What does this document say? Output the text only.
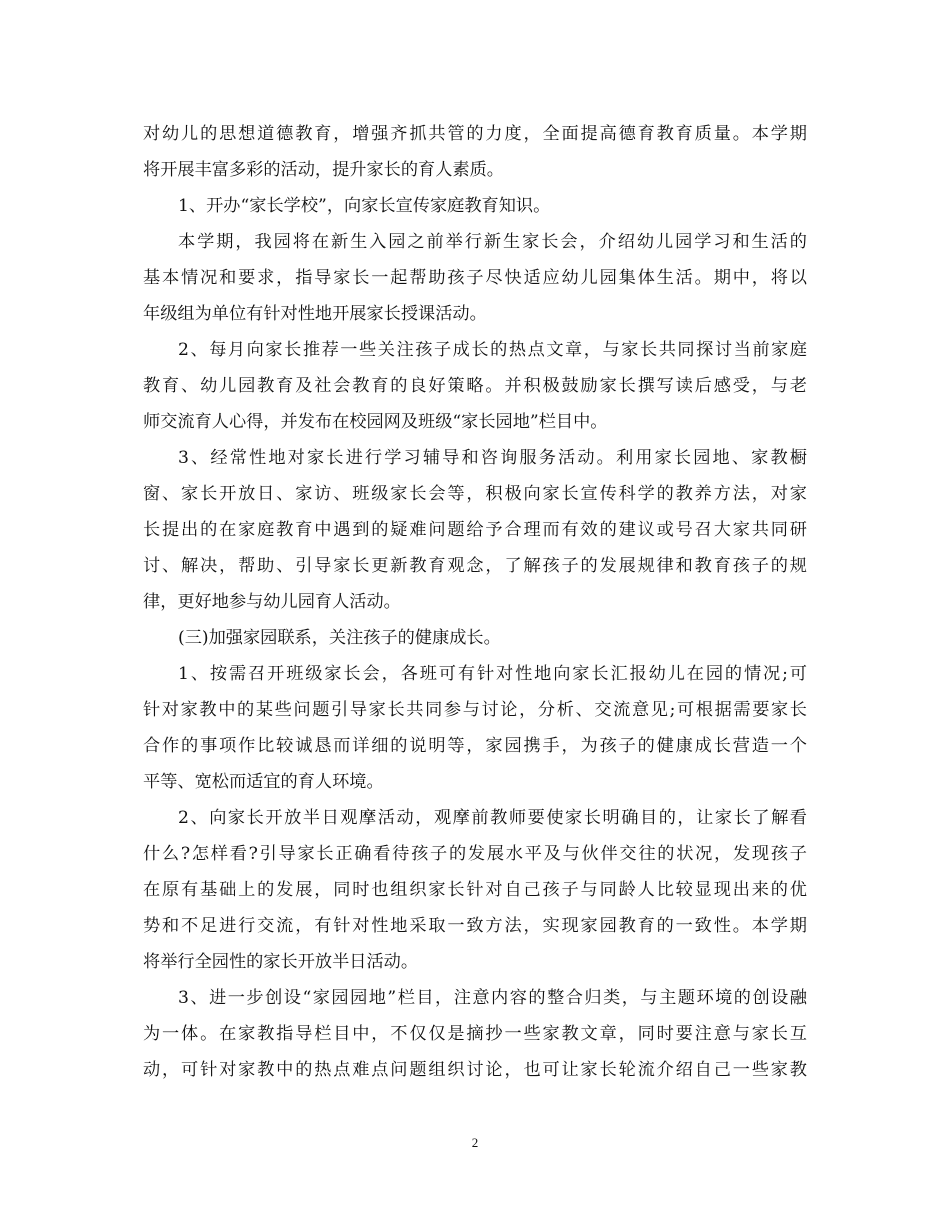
对幼儿的思想道德教育，增强齐抓共管的力度，全面提高德育教育质量。本学期
将开展丰富多彩的活动，提升家长的育人素质。
1、开办“家长学校”，向家长宣传家庭教育知识。
本学期，我园将在新生入园之前举行新生家长会，介绍幼儿园学习和生活的
基本情况和要求，指导家长一起帮助孩子尽快适应幼儿园集体生活。期中，将以
年级组为单位有针对性地开展家长授课活动。
2、每月向家长推荐一些关注孩子成长的热点文章，与家长共同探讨当前家庭
教育、幼儿园教育及社会教育的良好策略。并积极鼓励家长撰写读后感受，与老
师交流育人心得，并发布在校园网及班级“家长园地”栏目中。
3、经常性地对家长进行学习辅导和咨询服务活动。利用家长园地、家教橱
窗、家长开放日、家访、班级家长会等，积极向家长宣传科学的教养方法，对家
长提出的在家庭教育中遇到的疑难问题给予合理而有效的建议或号召大家共同研
讨、解决，帮助、引导家长更新教育观念，了解孩子的发展规律和教育孩子的规
律，更好地参与幼儿园育人活动。
(三)加强家园联系，关注孩子的健康成长。
1、按需召开班级家长会，各班可有针对性地向家长汇报幼儿在园的情况;可
针对家教中的某些问题引导家长共同参与讨论，分析、交流意见;可根据需要家长
合作的事项作比较诚恳而详细的说明等，家园携手，为孩子的健康成长营造一个
平等、宽松而适宜的育人环境。
2、向家长开放半日观摩活动，观摩前教师要使家长明确目的，让家长了解看
什么?怎样看?引导家长正确看待孩子的发展水平及与伙伴交往的状况，发现孩子
在原有基础上的发展，同时也组织家长针对自己孩子与同龄人比较显现出来的优
势和不足进行交流，有针对性地采取一致方法，实现家园教育的一致性。本学期
将举行全园性的家长开放半日活动。
3、进一步创设“家园园地”栏目，注意内容的整合归类，与主题环境的创设融
为一体。在家教指导栏目中，不仅仅是摘抄一些家教文章，同时要注意与家长互
动，可针对家教中的热点难点问题组织讨论，也可让家长轮流介绍自己一些家教
2
